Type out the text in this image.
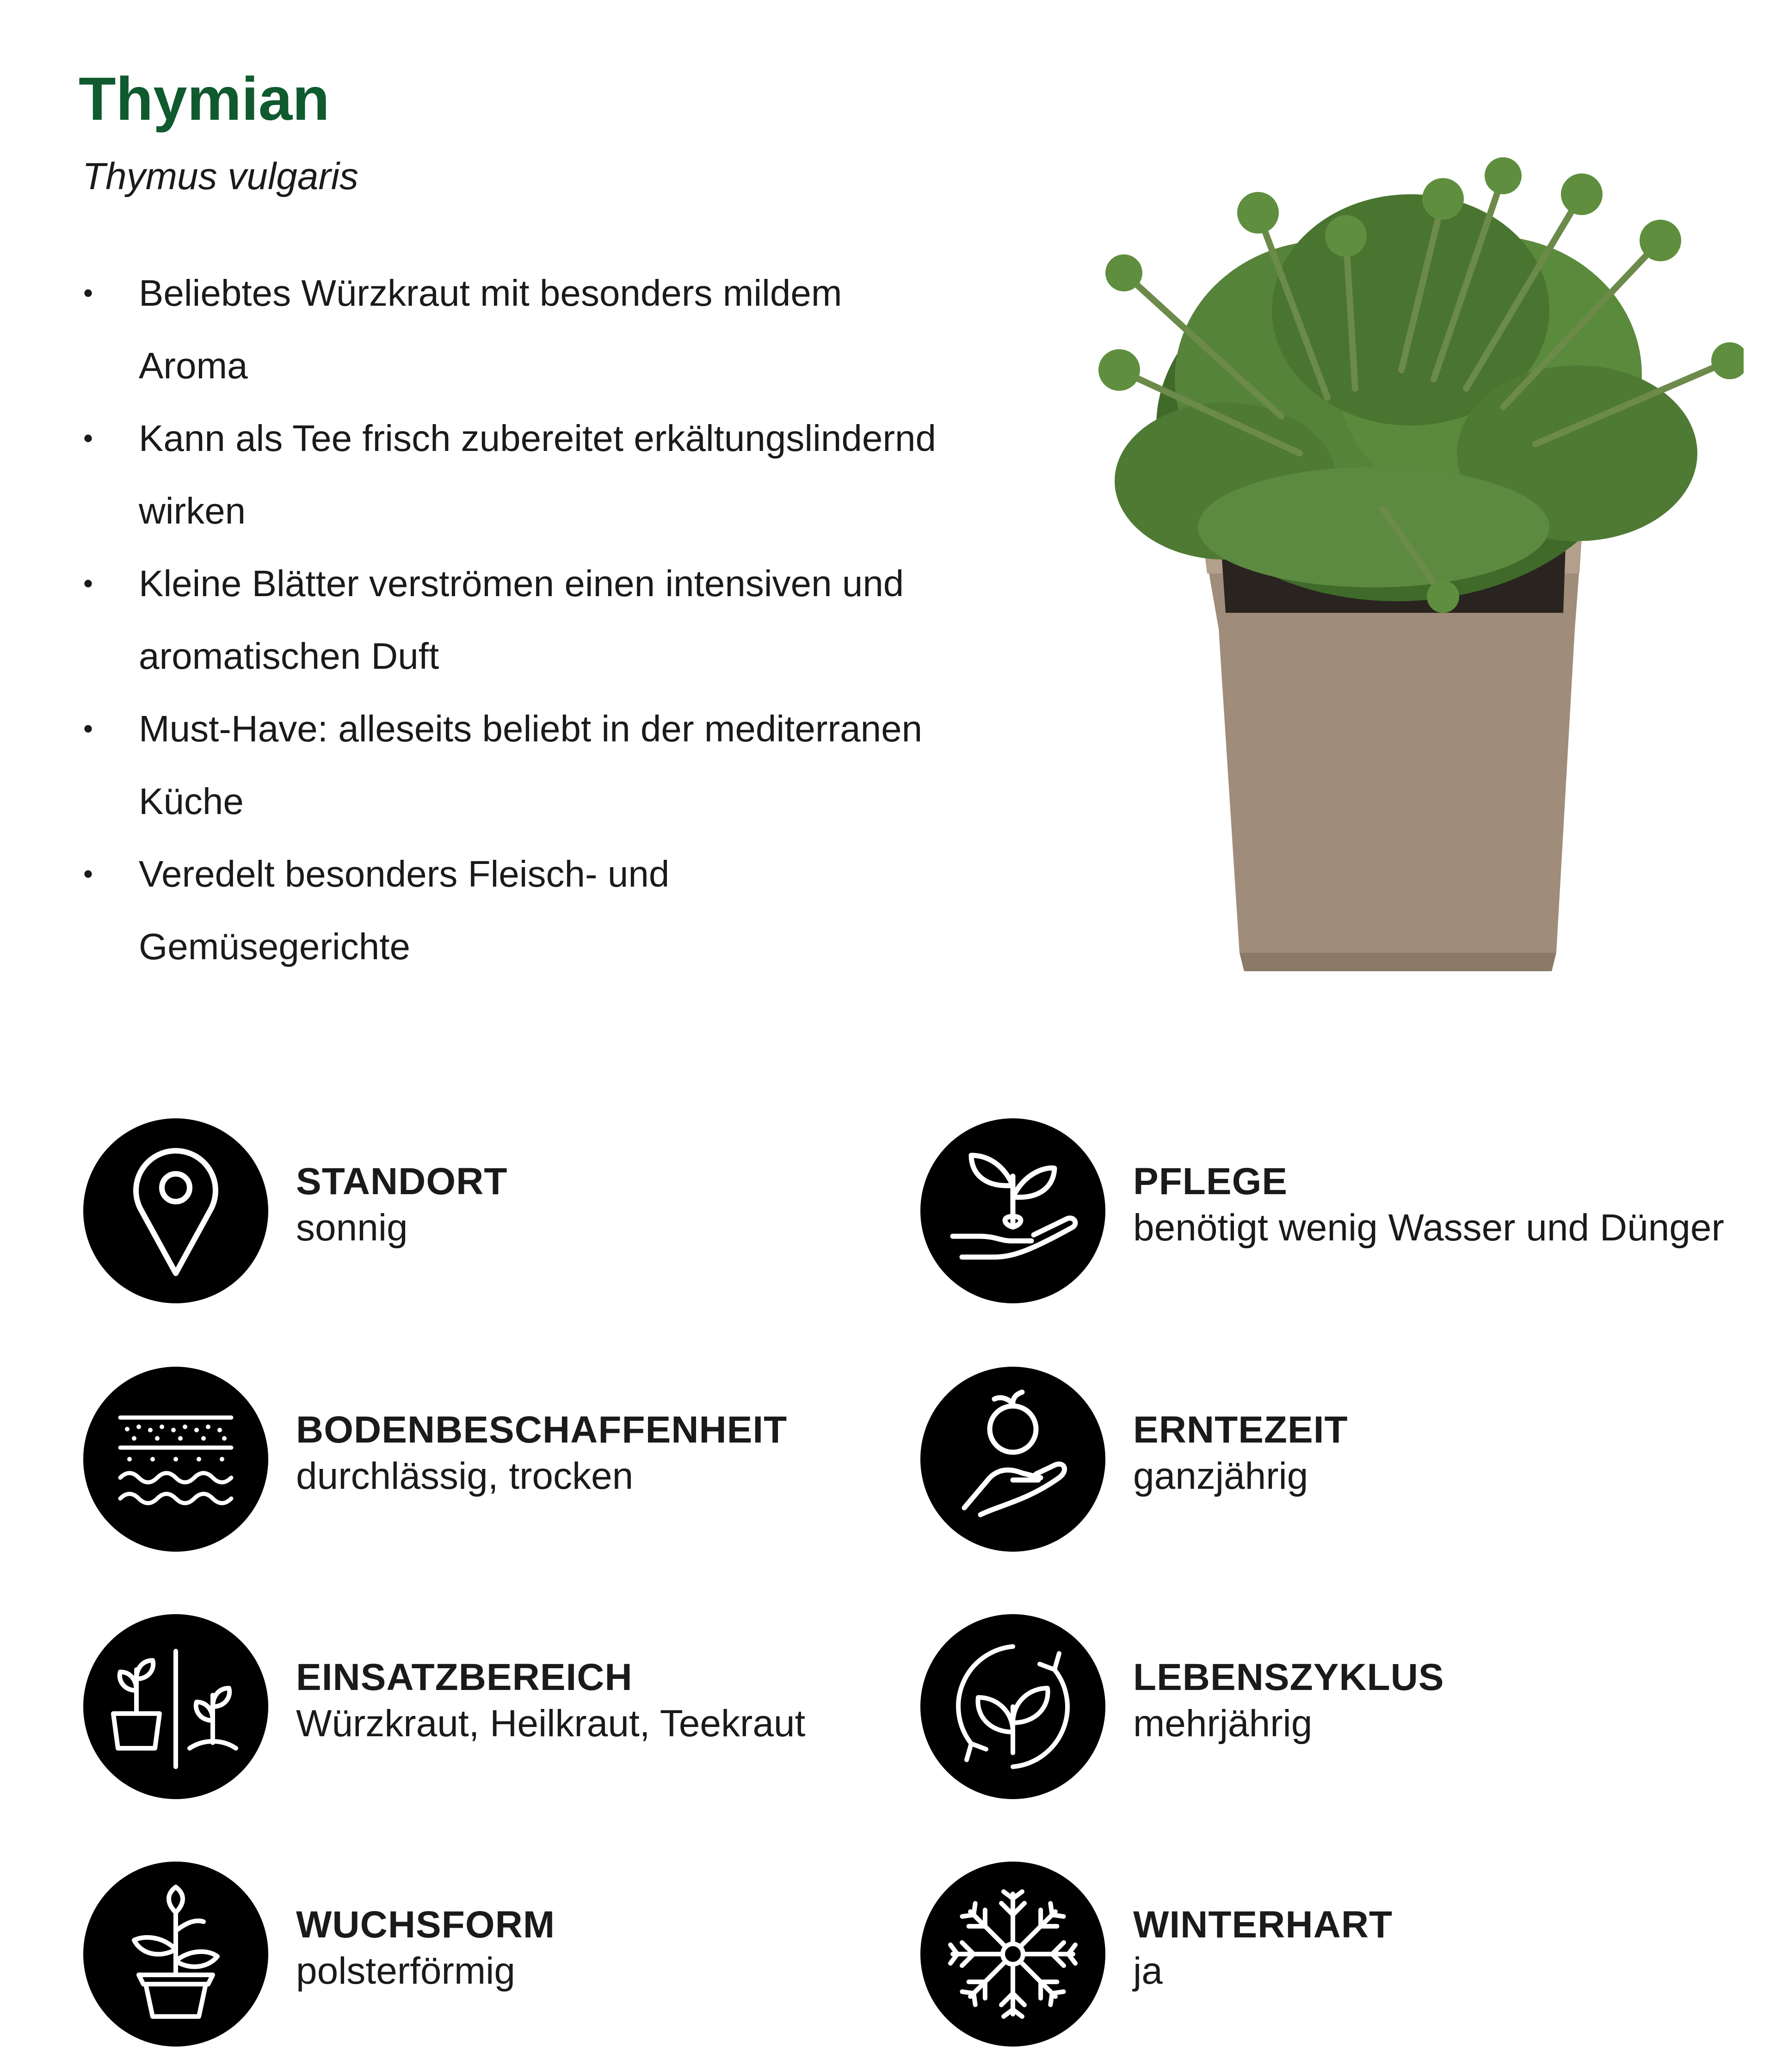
Thymian
Thymus vulgaris
• Beliebtes Würzkraut mit besonders mildem Aroma
• Kann als Tee frisch zubereitet erkältungslindernd wirken
• Kleine Blätter verströmen einen intensiven und aromatischen Duft
• Must-Have: alleseits beliebt in der mediterranen Küche
• Veredelt besonders Fleisch- und Gemüsegerichte
STANDORT
sonnig
PFLEGE
benötigt wenig Wasser und Dünger
BODENBESCHAFFENHEIT
durchlässig, trocken
ERNTEZEIT
ganzjährig
EINSATZBEREICH
Würzkraut, Heilkraut, Teekraut
LEBENSZYKLUS
mehrjährig
WUCHSFORM
polsterförmig
WINTERHART
ja
